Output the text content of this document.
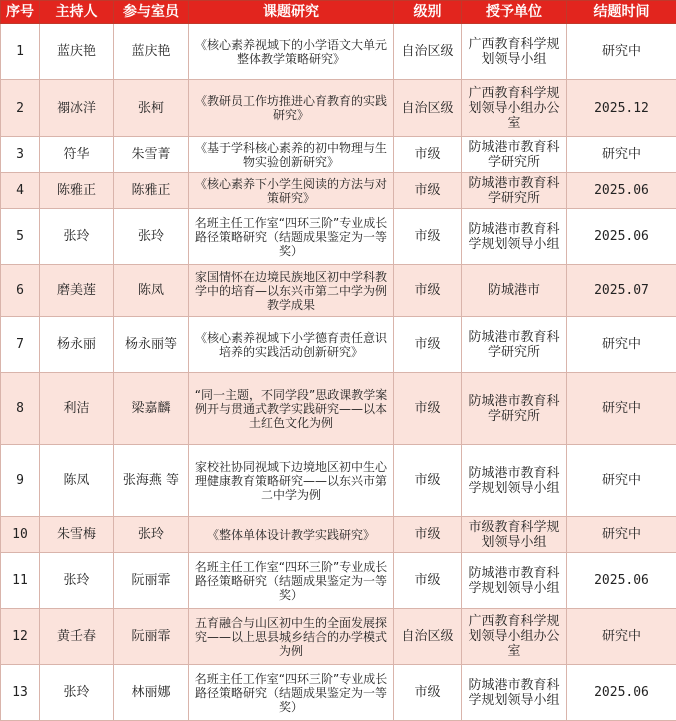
序号	主持人	参与室员	课题研究	级别	授予单位	结题时间
1	蓝庆艳	蓝庆艳	《核心素养视域下的小学语文大单元整体教学策略研究》	自治区级	广西教育科学规划领导小组	研究中
2	禤冰洋	张柯	《教研员工作坊推进心育教育的实践研究》	自治区级	广西教育科学规划领导小组办公室	2025.12
3	符华	朱雪菁	《基于学科核心素养的初中物理与生物实验创新研究》	市级	防城港市教育科学研究所	研究中
4	陈雅正	陈雅正	《核心素养下小学生阅读的方法与对策研究》	市级	防城港市教育科学研究所	2025.06
5	张玲	张玲	名班主任工作室“四环三阶”专业成长路径策略研究（结题成果鉴定为一等奖）	市级	防城港市教育科学规划领导小组	2025.06
6	磨美莲	陈凤	家国情怀在边境民族地区初中学科教学中的培育—以东兴市第二中学为例教学成果	市级	防城港市	2025.07
7	杨永丽	杨永丽等	《核心素养视域下小学德育责任意识培养的实践活动创新研究》	市级	防城港市教育科学研究所	研究中
8	利洁	梁嘉麟	“同一主题，不同学段”思政课教学案例开与贯通式教学实践研究——以本土红色文化为例	市级	防城港市教育科学研究所	研究中
9	陈凤	张海燕 等	家校社协同视域下边境地区初中生心理健康教育策略研究——以东兴市第二中学为例	市级	防城港市教育科学规划领导小组	研究中
10	朱雪梅	张玲	《整体单体设计教学实践研究》	市级	市级教育科学规划领导小组	研究中
11	张玲	阮丽霏	名班主任工作室“四环三阶”专业成长路径策略研究（结题成果鉴定为一等奖）	市级	防城港市教育科学规划领导小组	2025.06
12	黄壬春	阮丽霏	五育融合与山区初中生的全面发展探究——以上思县城乡结合的办学模式为例	自治区级	广西教育科学规划领导小组办公室	研究中
13	张玲	林丽娜	名班主任工作室“四环三阶”专业成长路径策略研究（结题成果鉴定为一等奖）	市级	防城港市教育科学规划领导小组	2025.06
